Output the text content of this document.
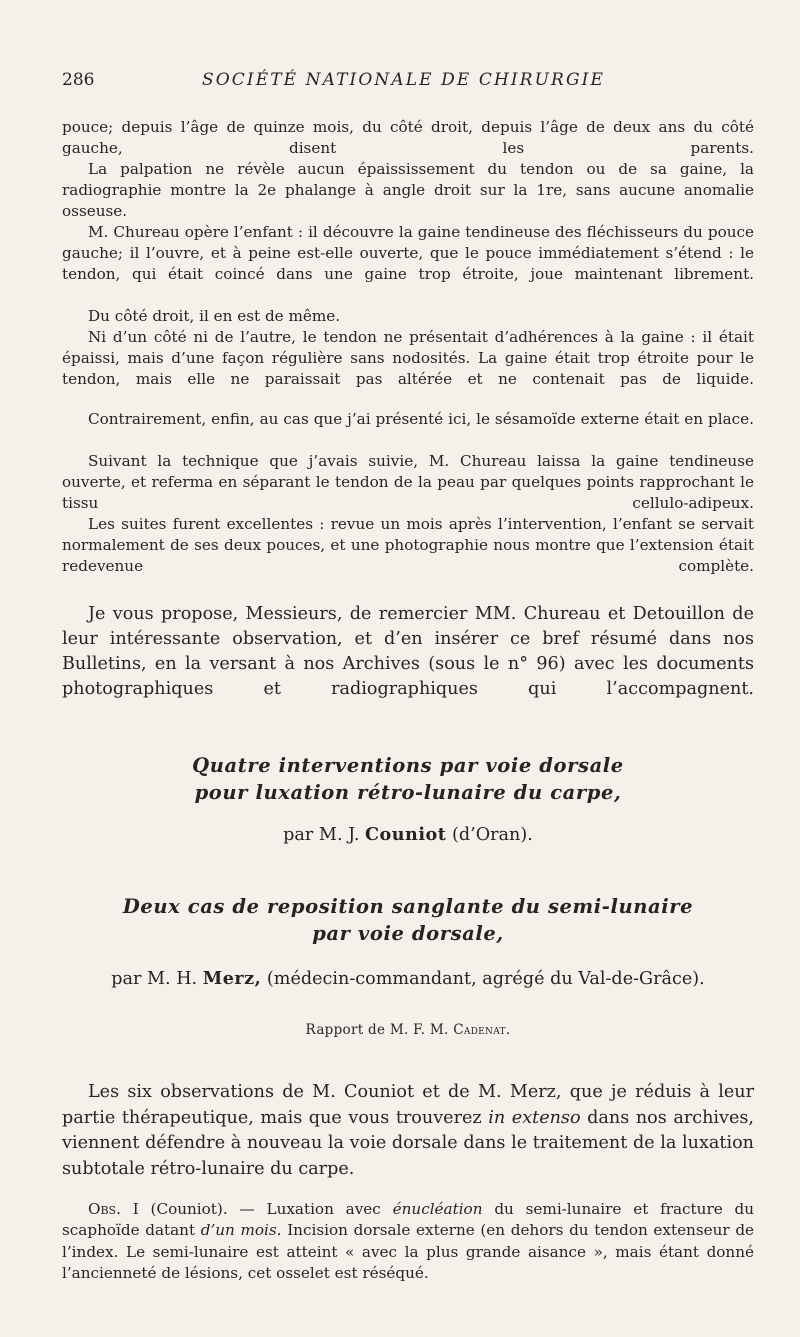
286	SOCIÉTÉ NATIONALE DE CHIRURGIE

pouce; depuis l’âge de quinze mois, du côté droit, depuis l’âge de deux ans du côté gauche, disent les parents.

La palpation ne révèle aucun épaississement du tendon ou de sa gaine, la radiographie montre la 2e phalange à angle droit sur la 1re, sans aucune anomalie osseuse.

M. Chureau opère l’enfant : il découvre la gaine tendineuse des fléchisseurs du pouce gauche; il l’ouvre, et à peine est-elle ouverte, que le pouce immédiatement s’étend : le tendon, qui était coincé dans une gaine trop étroite, joue maintenant librement.

Du côté droit, il en est de même.

Ni d’un côté ni de l’autre, le tendon ne présentait d’adhérences à la gaine : il était épaissi, mais d’une façon régulière sans nodosités. La gaine était trop étroite pour le tendon, mais elle ne paraissait pas altérée et ne contenait pas de liquide.

Contrairement, enfin, au cas que j’ai présenté ici, le sésamoïde externe était en place.

Suivant la technique que j’avais suivie, M. Chureau laissa la gaine tendineuse ouverte, et referma en séparant le tendon de la peau par quelques points rapprochant le tissu cellulo-adipeux.

Les suites furent excellentes : revue un mois après l’intervention, l’enfant se servait normalement de ses deux pouces, et une photographie nous montre que l’extension était redevenue complète.

Je vous propose, Messieurs, de remercier MM. Chureau et Detouillon de leur intéressante observation, et d’en insérer ce bref résumé dans nos Bulletins, en la versant à nos Archives (sous le n° 96) avec les documents photographiques et radiographiques qui l’accompagnent.

Quatre interventions par voie dorsale

pour luxation rétro-lunaire du carpe,

par M. J. Couniot (d’Oran).

Deux cas de reposition sanglante du semi-lunaire

par voie dorsale,

par M. H. Merz, (médecin-commandant, agrégé du Val-de-Grâce).

Rapport de M. F. M. Cadenat.

Les six observations de M. Couniot et de M. Merz, que je réduis à leur partie thérapeutique, mais que vous trouverez in extenso dans nos archives, viennent défendre à nouveau la voie dorsale dans le traitement de la luxation subtotale rétro-lunaire du carpe.

Obs. I (Couniot). — Luxation avec énucléation du semi-lunaire et fracture du scaphoïde datant d’un mois. Incision dorsale externe (en dehors du tendon extenseur de l’index. Le semi-lunaire est atteint « avec la plus grande aisance », mais étant donné l’ancienneté de lésions, cet osselet est réséqué.
